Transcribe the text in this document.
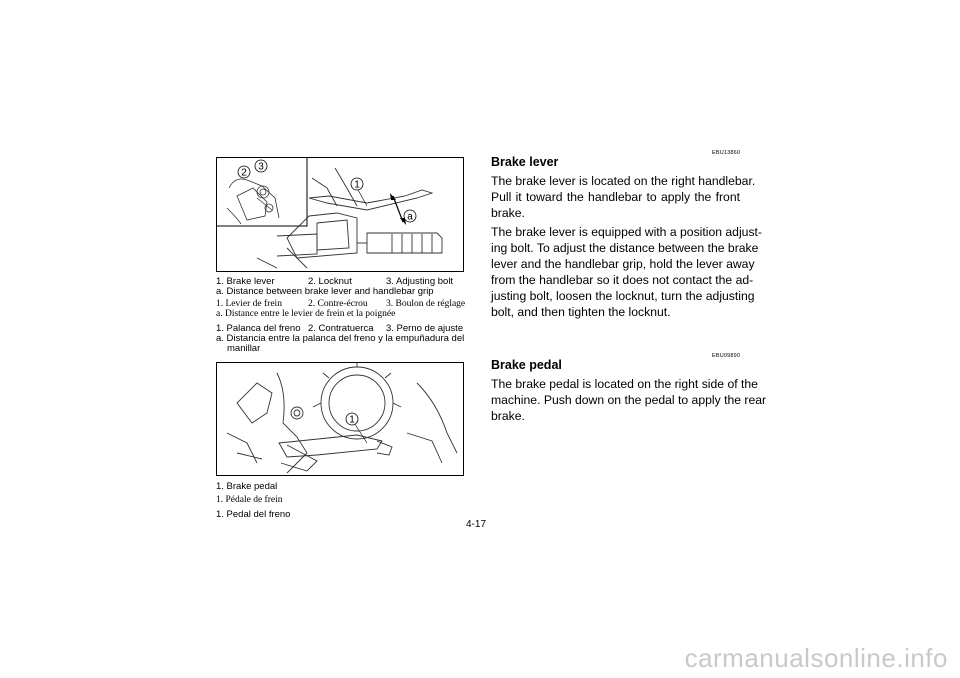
1
2
3
a
1. Brake lever	2. Locknut	3. Adjusting bolt
a. Distance between brake lever and handlebar grip
1. Levier de frein	2. Contre-écrou 3. Boulon de réglage
a. Distance entre le levier de frein et la poignée
1. Palanca del freno 2. Contratuerca 3. Perno de ajuste
a. Distancia entre la palanca del freno y la empuñadura del
manillar
1
1. Brake pedal
1. Pédale de frein
1. Pedal del freno
EBU13860
Brake lever
The brake lever is located on the right handlebar.
Pull it toward the handlebar to apply the front
brake.
The brake lever is equipped with a position adjust-
ing bolt. To adjust the distance between the brake
lever and the handlebar grip, hold the lever away
from the handlebar so it does not contact the ad-
justing bolt, loosen the locknut, turn the adjusting
bolt, and then tighten the locknut.
EBU09890
Brake pedal
The brake pedal is located on the right side of the
machine. Push down on the pedal to apply the rear
brake.
4-17
carmanualsonline.info
